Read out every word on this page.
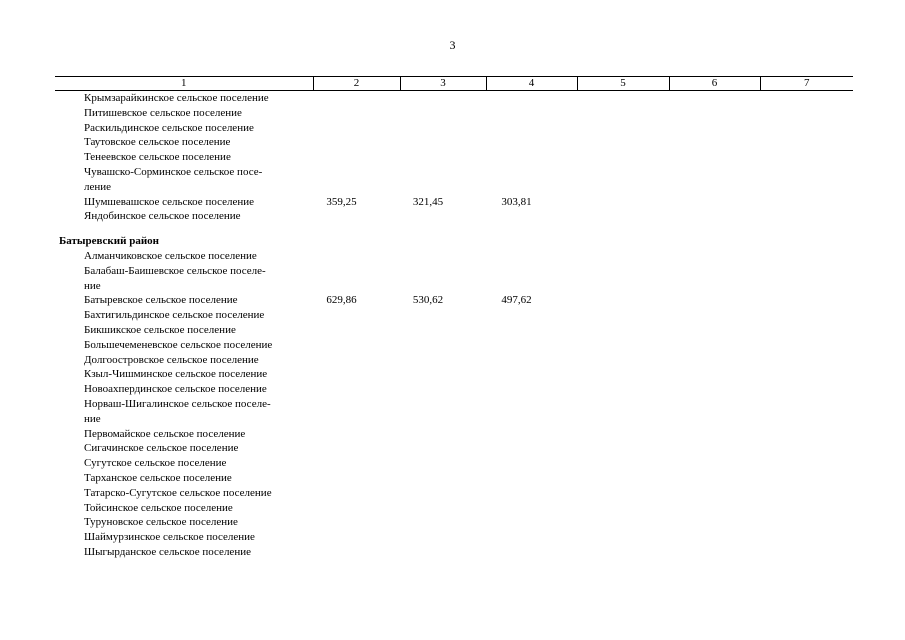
3
1	2	3	4	5	6	7

Крымзарайкинское сельское поселение						

Питишевское сельское поселение						

Раскильдинское сельское поселение						

Таутовское сельское поселение						

Тенеевское сельское поселение						

Чувашско-Сорминское сельское посе-						

ление						

Шумшевашское сельское поселение	359,25	321,45	303,81			

Яндобинское сельское поселение						

Батыревский район						

Алманчиковское сельское поселение						

Балабаш-Баишевское сельское поселе-						

ние						

Батыревское сельское поселение	629,86	530,62	497,62			

Бахтигильдинское сельское поселение						

Бикшикское сельское поселение						

Большечеменевское сельское поселение						

Долгоостровское сельское поселение						

Кзыл-Чишминское сельское поселение						

Новоахпердинское сельское поселение						

Норваш-Шигалинское сельское поселе-						

ние						

Первомайское сельское поселение						

Сигачинское сельское поселение						

Сугутское сельское поселение						

Тарханское сельское поселение						

Татарско-Сугутское сельское поселение						

Тойсинское сельское поселение						

Туруновское сельское поселение						

Шаймурзинское сельское поселение						

Шыгырданское сельское поселение						
